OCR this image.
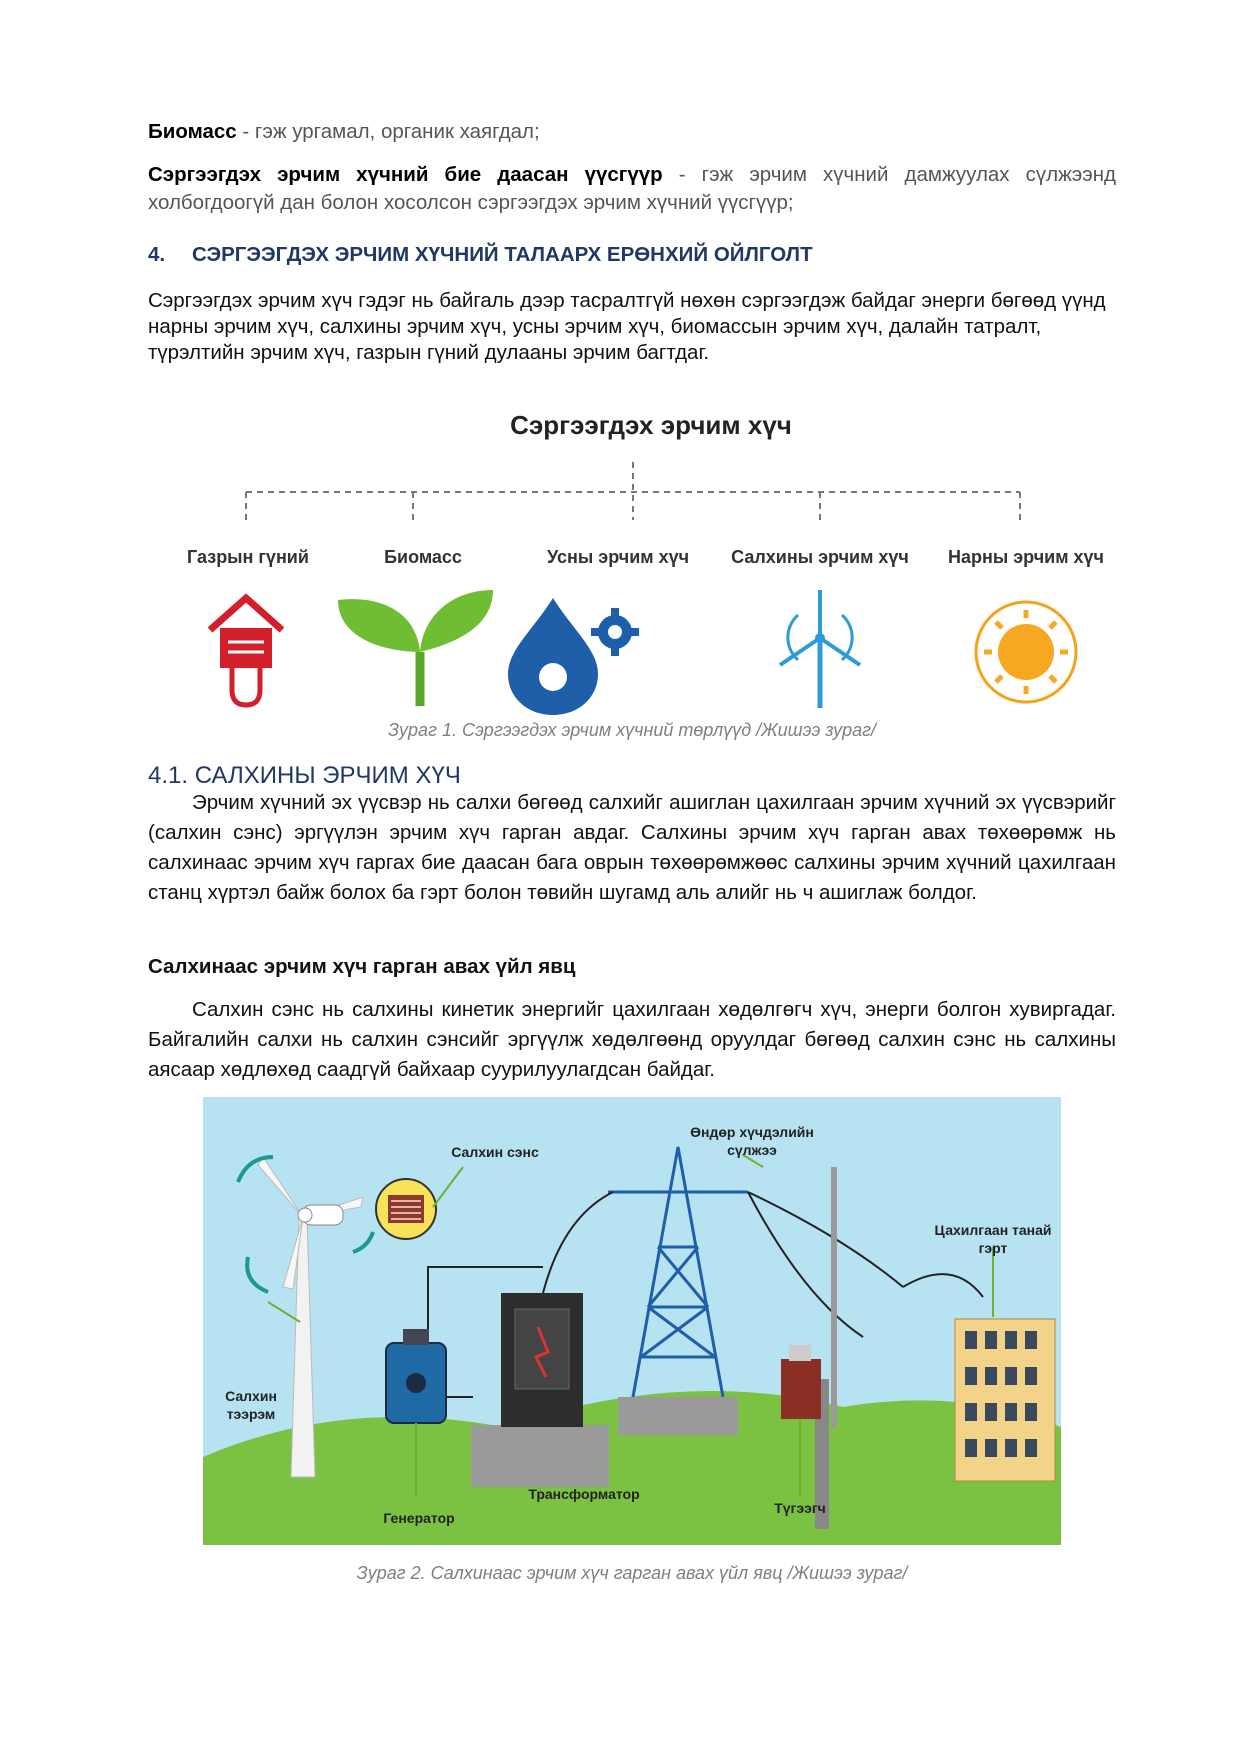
Биомасс - гэж ургамал, органик хаягдал;

Сэргээгдэх эрчим хүчний бие даасан үүсгүүр - гэж эрчим хүчний дамжуулах сүлжээнд холбогдоогүй дан болон хосолсон сэргээгдэх эрчим хүчний үүсгүүр;

4. СЭРГЭЭГДЭХ ЭРЧИМ ХҮЧНИЙ ТАЛААРХ ЕРӨНХИЙ ОЙЛГОЛТ

Сэргээгдэх эрчим хүч гэдэг нь байгаль дээр тасралтгүй нөхөн сэргээгдэж байдаг энерги бөгөөд үүнд нарны эрчим хүч, салхины эрчим хүч, усны эрчим хүч, биомассын эрчим хүч, далайн татралт, түрэлтийн эрчим хүч, газрын гүний дулааны эрчим багтдаг.

Сэргээгдэх эрчим хүч
Газрын гүний	Биомасс	Усны эрчим хүч Салхины эрчим хүч Нарны эрчим хүч

Зураг 1. Сэргээгдэх эрчим хүчний төрлүүд /Жишээ зураг/

4.1. САЛХИНЫ ЭРЧИМ ХҮЧ

Эрчим хүчний эх үүсвэр нь салхи бөгөөд салхийг ашиглан цахилгаан эрчим хүчний эх үүсвэрийг (салхин сэнс) эргүүлэн эрчим хүч гарган авдаг. Салхины эрчим хүч гарган авах төхөөрөмж нь салхинаас эрчим хүч гаргах бие даасан бага оврын төхөөрөмжөөс салхины эрчим хүчний цахилгаан станц хүртэл байж болох ба гэрт болон төвийн шугамд аль алийг нь ч ашиглаж болдог.

Салхинаас эрчим хүч гарган авах үйл явц

Салхин сэнс нь салхины кинетик энергийг цахилгаан хөдөлгөгч хүч, энерги болгон хувиргадаг. Байгалийн салхи нь салхин сэнсийг эргүүлж хөдөлгөөнд оруулдаг бөгөөд салхин сэнс нь салхины аясаар хөдлөхөд саадгүй байхаар суурилуулагдсан байдаг.

Салхин сэнс
Өндөр хүчдэлийн
сүлжээ
Цахилгаан танай
гэрт
Салхин
тээрэм
Генератор
Трансформатор
Түгээгч

Зураг 2. Салхинаас эрчим хүч гарган авах үйл явц /Жишээ зураг/
